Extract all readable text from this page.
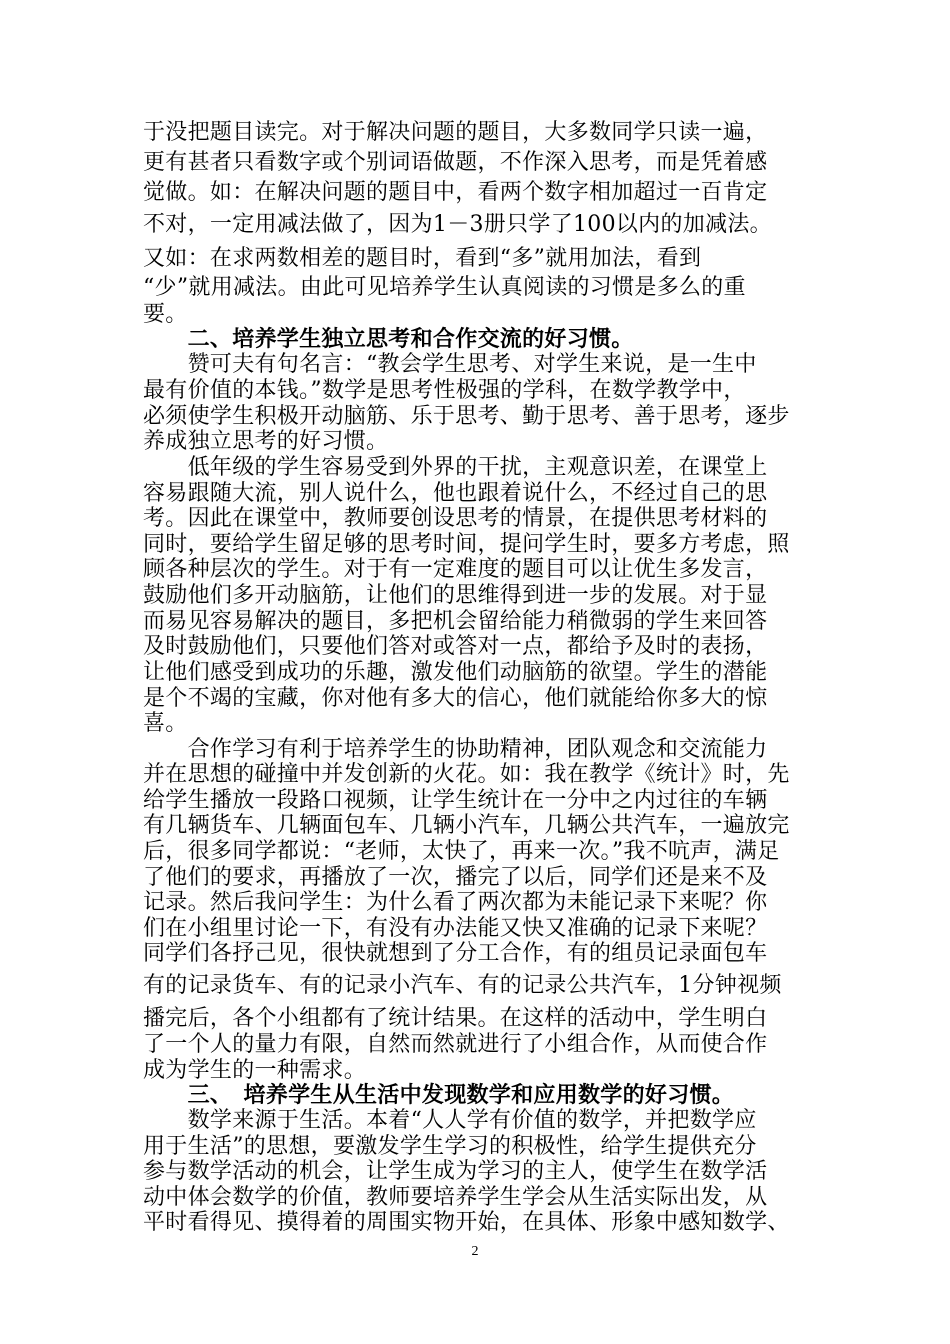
于没把题目读完。对于解决问题的题目，大多数同学只读一遍，
更有甚者只看数字或个别词语做题，不作深入思考，而是凭着感
觉做。如：在解决问题的题目中，看两个数字相加超过一百肯定
不对，一定用减法做了，因为1－3册只学了100以内的加减法。
又如：在求两数相差的题目时，看到“多”就用加法，看到
“少”就用减法。由此可见培养学生认真阅读的习惯是多么的重
要。
　　二、培养学生独立思考和合作交流的好习惯。
　　赞可夫有句名言：“教会学生思考、对学生来说，是一生中
最有价值的本钱。”数学是思考性极强的学科，在数学教学中，
必须使学生积极开动脑筋、乐于思考、勤于思考、善于思考，逐步
养成独立思考的好习惯。
　　低年级的学生容易受到外界的干扰，主观意识差，在课堂上
容易跟随大流，别人说什么，他也跟着说什么，不经过自己的思
考。因此在课堂中，教师要创设思考的情景，在提供思考材料的
同时，要给学生留足够的思考时间，提问学生时，要多方考虑，照
顾各种层次的学生。对于有一定难度的题目可以让优生多发言，
鼓励他们多开动脑筋，让他们的思维得到进一步的发展。对于显
而易见容易解决的题目，多把机会留给能力稍微弱的学生来回答
及时鼓励他们，只要他们答对或答对一点，都给予及时的表扬，
让他们感受到成功的乐趣，激发他们动脑筋的欲望。学生的潜能
是个不竭的宝藏，你对他有多大的信心，他们就能给你多大的惊
喜。
　　合作学习有利于培养学生的协助精神，团队观念和交流能力
并在思想的碰撞中并发创新的火花。如：我在教学《统计》时，先
给学生播放一段路口视频，让学生统计在一分中之内过往的车辆
有几辆货车、几辆面包车、几辆小汽车，几辆公共汽车，一遍放完
后，很多同学都说：“老师，太快了，再来一次。”我不吭声，满足
了他们的要求，再播放了一次，播完了以后，同学们还是来不及
记录。然后我问学生：为什么看了两次都为未能记录下来呢？你
们在小组里讨论一下，有没有办法能又快又准确的记录下来呢？
同学们各抒己见，很快就想到了分工合作，有的组员记录面包车
有的记录货车、有的记录小汽车、有的记录公共汽车，1分钟视频
播完后，各个小组都有了统计结果。在这样的活动中，学生明白
了一个人的量力有限，自然而然就进行了小组合作，从而使合作
成为学生的一种需求。
　　三、　培养学生从生活中发现数学和应用数学的好习惯。
　　数学来源于生活。本着“人人学有价值的数学，并把数学应
用于生活”的思想，要激发学生学习的积极性，给学生提供充分
参与数学活动的机会，让学生成为学习的主人，使学生在数学活
动中体会数学的价值，教师要培养学生学会从生活实际出发，从
平时看得见、摸得着的周围实物开始，在具体、形象中感知数学、
2
